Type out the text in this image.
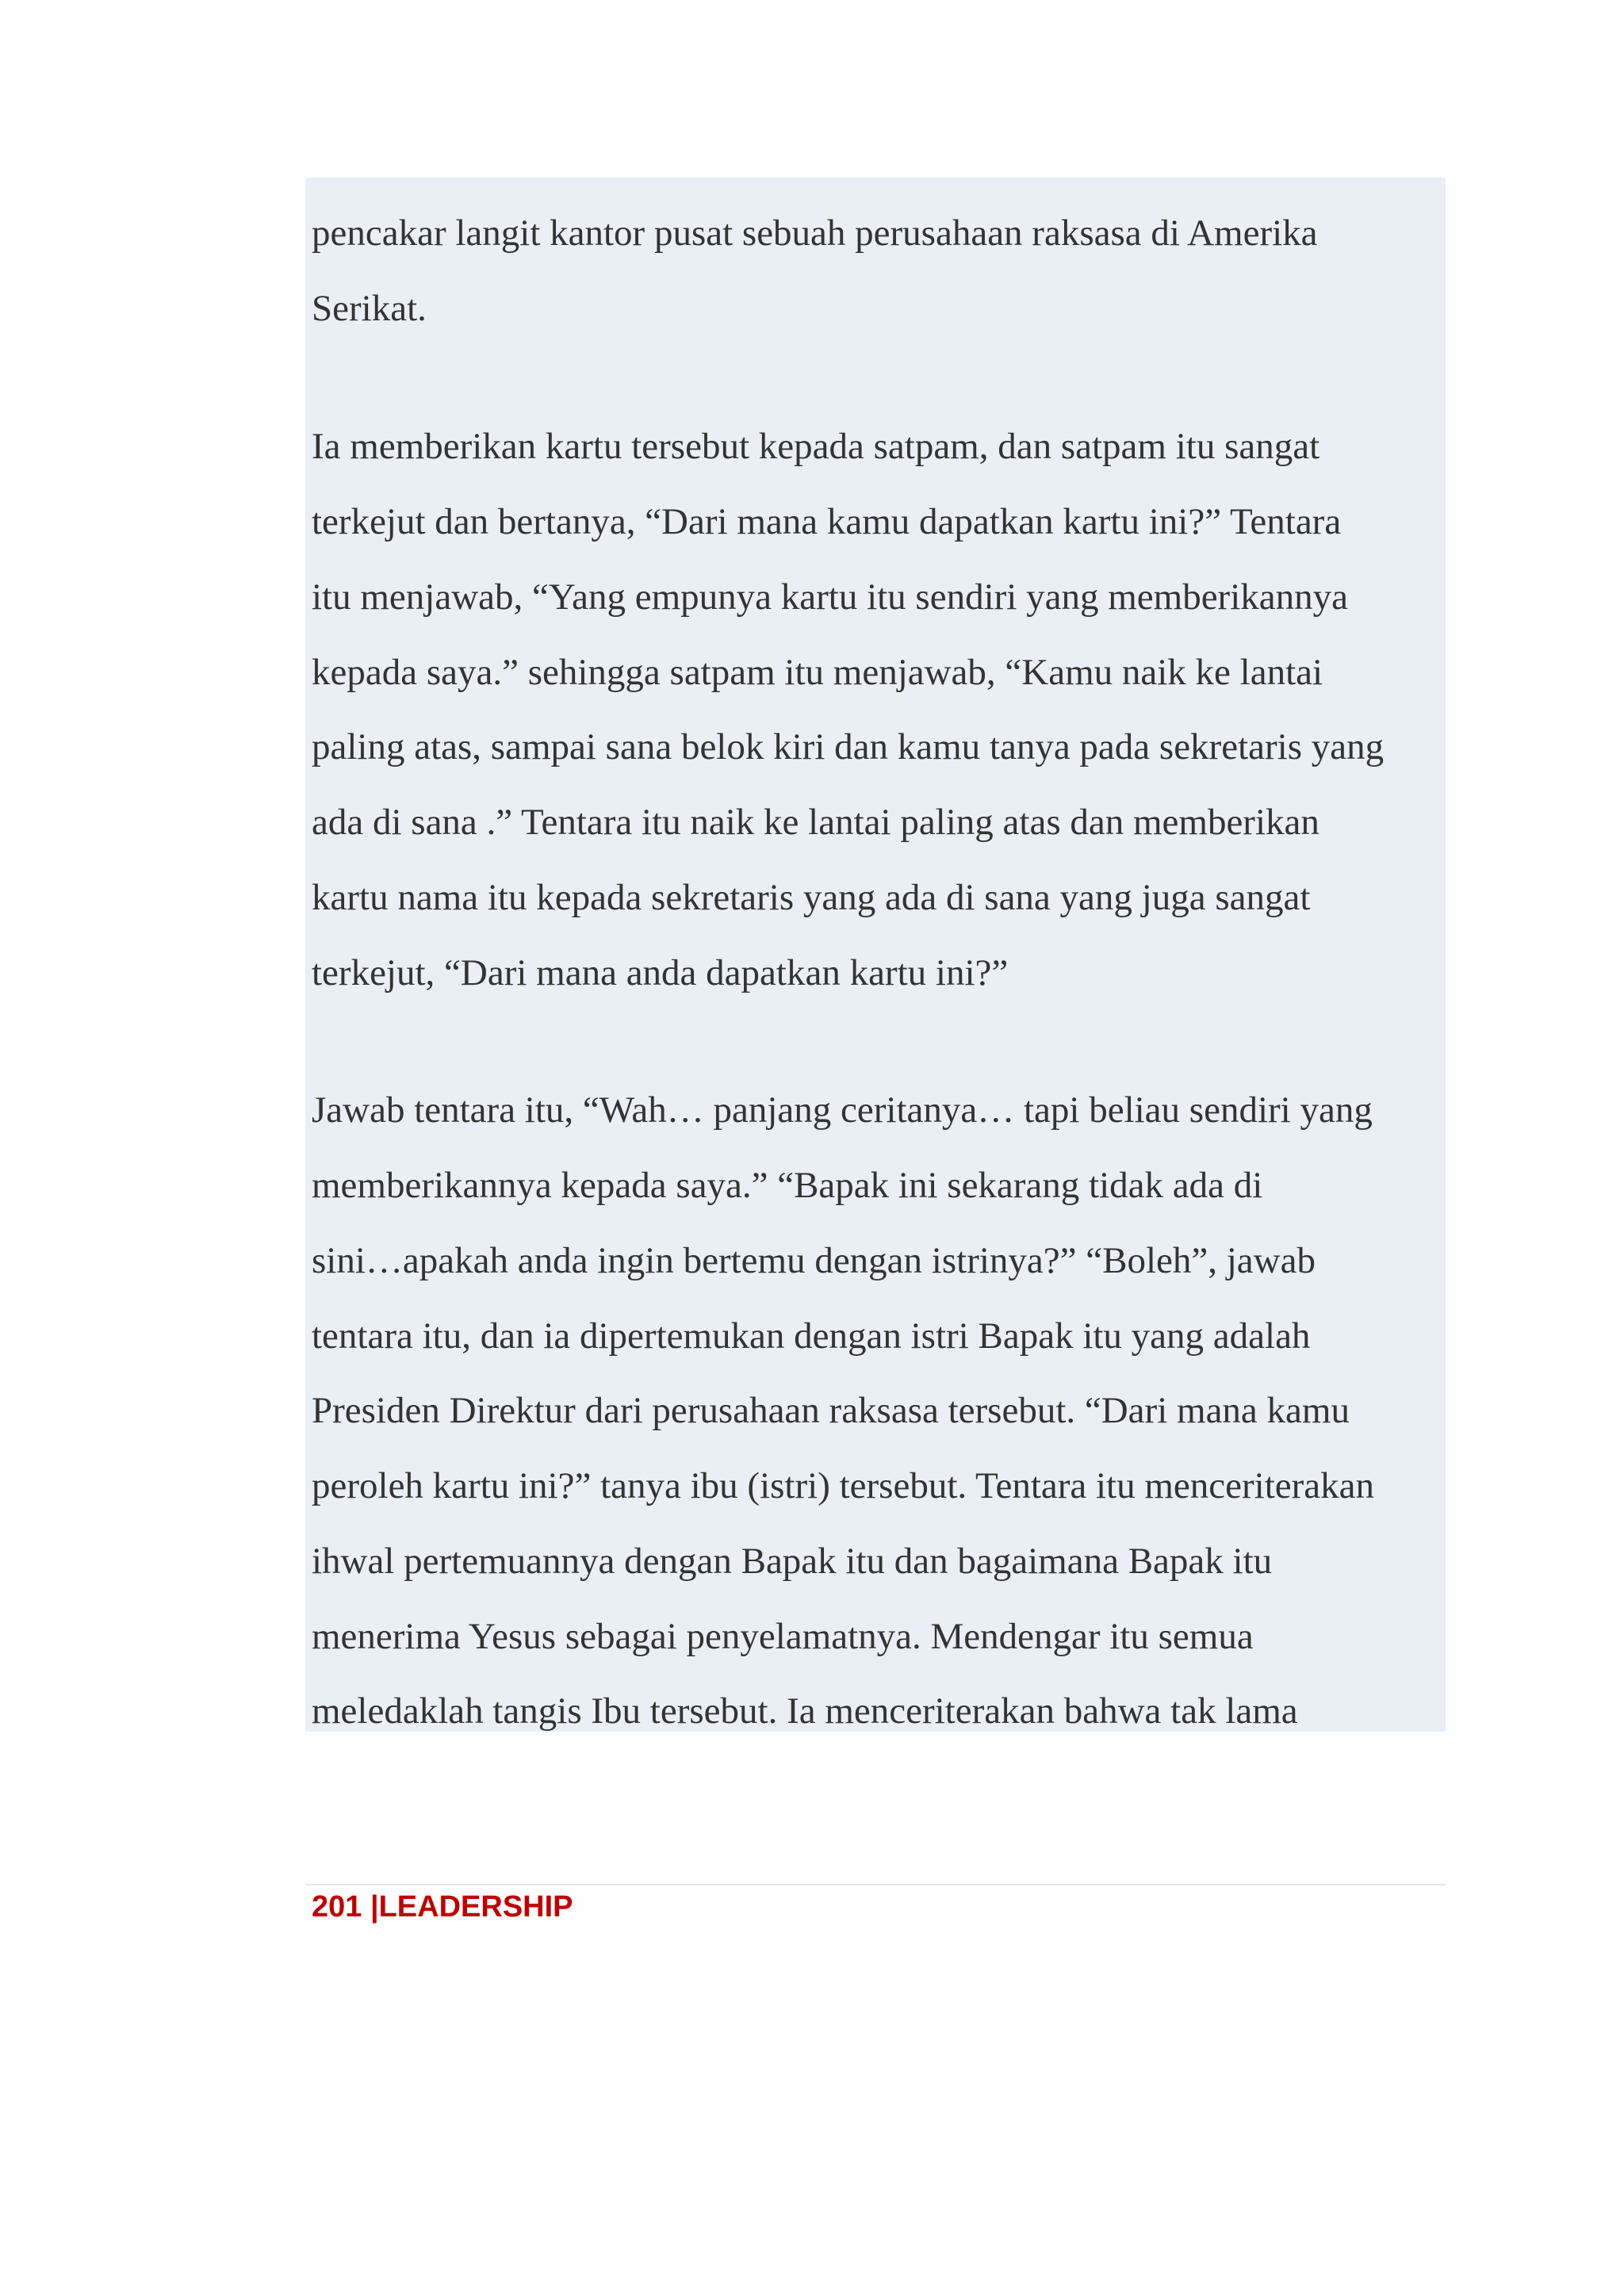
pencakar langit kantor pusat sebuah perusahaan raksasa di Amerika
Serikat.
Ia memberikan kartu tersebut kepada satpam, dan satpam itu sangat
terkejut dan bertanya, “Dari mana kamu dapatkan kartu ini?” Tentara
itu menjawab, “Yang empunya kartu itu sendiri yang memberikannya
kepada saya.” sehingga satpam itu menjawab, “Kamu naik ke lantai
paling atas, sampai sana belok kiri dan kamu tanya pada sekretaris yang
ada di sana .” Tentara itu naik ke lantai paling atas dan memberikan
kartu nama itu kepada sekretaris yang ada di sana yang juga sangat
terkejut, “Dari mana anda dapatkan kartu ini?”
Jawab tentara itu, “Wah… panjang ceritanya… tapi beliau sendiri yang
memberikannya kepada saya.” “Bapak ini sekarang tidak ada di
sini…apakah anda ingin bertemu dengan istrinya?” “Boleh”, jawab
tentara itu, dan ia dipertemukan dengan istri Bapak itu yang adalah
Presiden Direktur dari perusahaan raksasa tersebut. “Dari mana kamu
peroleh kartu ini?” tanya ibu (istri) tersebut. Tentara itu menceriterakan
ihwal pertemuannya dengan Bapak itu dan bagaimana Bapak itu
menerima Yesus sebagai penyelamatnya. Mendengar itu semua
meledaklah tangis Ibu tersebut. Ia menceriterakan bahwa tak lama
201 |LEADERSHIP
